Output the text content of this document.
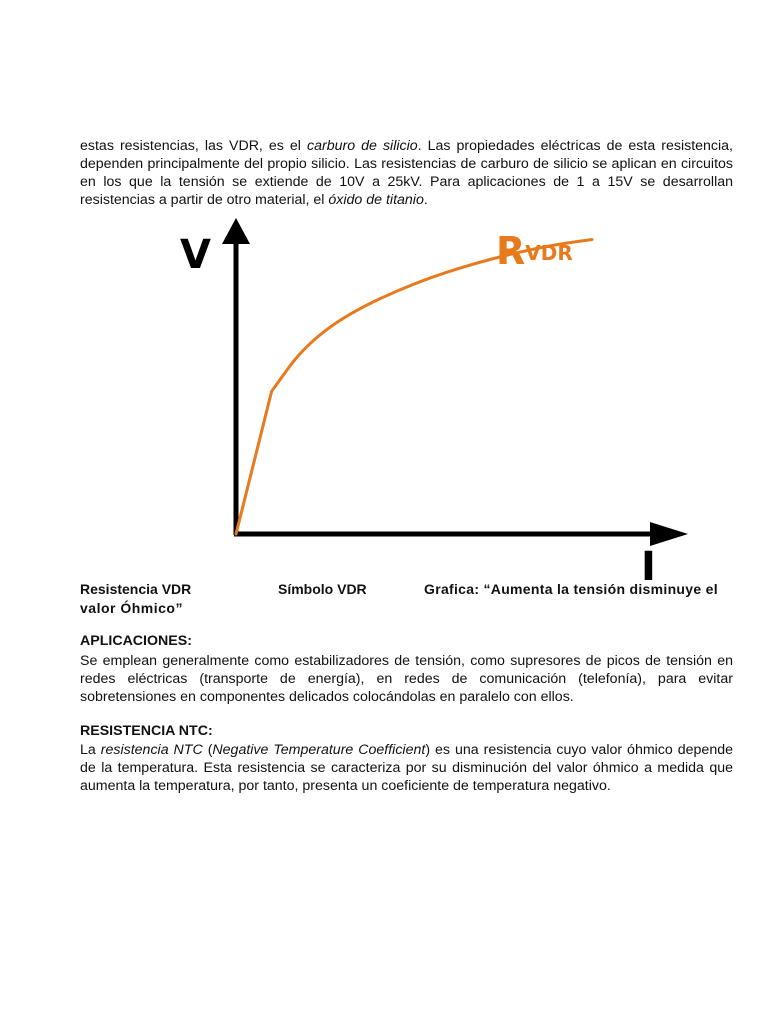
estas resistencias, las VDR, es el carburo de silicio. Las propiedades eléctricas de esta resistencia, dependen principalmente del propio silicio. Las resistencias de carburo de silicio se aplican en circuitos en los que la tensión se extiende de 10V a 25kV. Para aplicaciones de 1 a 15V se desarrollan resistencias a partir de otro material, el óxido de titanio.

V
I
RVDR
Resistencia VDR	Símbolo VDR	Grafica: “Aumenta la tensión disminuye el
valor Óhmico”

APLICACIONES:

Se emplean generalmente como estabilizadores de tensión, como supresores de picos de tensión en redes eléctricas (transporte de energía), en redes de comunicación (telefonía), para evitar sobretensiones en componentes delicados colocándolas en paralelo con ellos.

RESISTENCIA NTC:

La resistencia NTC (Negative Temperature Coefficient) es una resistencia cuyo valor óhmico depende de la temperatura. Esta resistencia se caracteriza por su disminución del valor óhmico a medida que aumenta la temperatura, por tanto, presenta un coeficiente de temperatura negativo.
